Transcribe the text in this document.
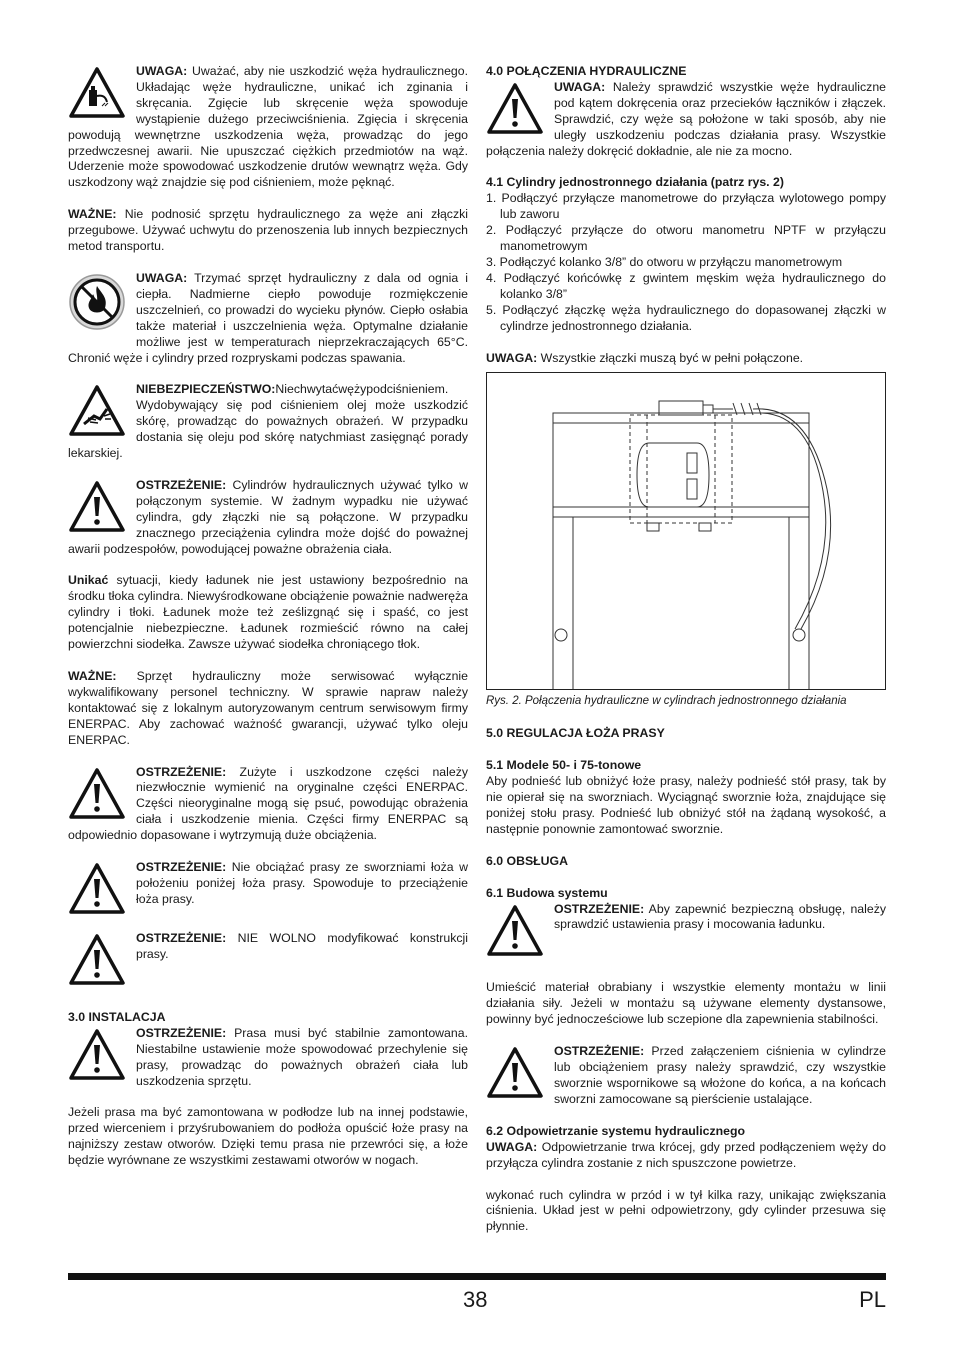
UWAGA: Uważać, aby nie uszkodzić węża hydraulicznego. Układając węże hydrauliczne, unikać ich zginania i skręcania. Zgięcie lub skręcenie węża spowoduje wystąpienie dużego przeciwciśnienia. Zgięcia i skręcenia powodują wewnętrzne uszkodzenia węża, prowadząc do jego przedwczesnej awarii. Nie upuszczać ciężkich przedmiotów na wąż. Uderzenie może spowodować uszkodzenie drutów wewnątrz węża. Gdy uszkodzony wąż znajdzie się pod ciśnieniem, może pęknąć.

WAŻNE: Nie podnosić sprzętu hydraulicznego za węże ani złączki przegubowe. Używać uchwytu do przenoszenia lub innych bezpiecznych metod transportu.

UWAGA: Trzymać sprzęt hydrauliczny z dala od ognia i ciepła. Nadmierne ciepło powoduje rozmiękczenie uszczelnień, co prowadzi do wycieku płynów. Ciepło osłabia także materiał i uszczelnienia węża. Optymalne działanie możliwe jest w temperaturach nieprzekraczających 65°C. Chronić węże i cylindry przed rozpryskami podczas spawania.

NIEBEZPIECZEŃSTWO:Niechwytaćwężypodciśnieniem. Wydobywający się pod ciśnieniem olej może uszkodzić skórę, prowadząc do poważnych obrażeń. W przypadku dostania się oleju pod skórę natychmiast zasięgnąć porady lekarskiej.

OSTRZEŻENIE: Cylindrów hydraulicznych używać tylko w połączonym systemie. W żadnym wypadku nie używać cylindra, gdy złączki nie są połączone. W przypadku znacznego przeciążenia cylindra może dojść do poważnej awarii podzespołów, powodującej poważne obrażenia ciała.

Unikać sytuacji, kiedy ładunek nie jest ustawiony bezpośrednio na środku tłoka cylindra. Niewyśrodkowane obciążenie poważnie nadweręża cylindry i tłoki. Ładunek może też ześlizgnąć się i spaść, co jest potencjalnie niebezpieczne. Ładunek rozmieścić równo na całej powierzchni siodełka. Zawsze używać siodełka chroniącego tłok.

WAŻNE: Sprzęt hydrauliczny może serwisować wyłącznie wykwalifikowany personel techniczny. W sprawie napraw należy kontaktować się z lokalnym autoryzowanym centrum serwisowym firmy ENERPAC. Aby zachować ważność gwarancji, używać tylko oleju ENERPAC.

OSTRZEŻENIE: Zużyte i uszkodzone części należy niezwłocznie wymienić na oryginalne części ENERPAC. Części nieoryginalne mogą się psuć, powodując obrażenia ciała i uszkodzenie mienia. Części firmy ENERPAC są odpowiednio dopasowane i wytrzymują duże obciążenia.

OSTRZEŻENIE: Nie obciążać prasy ze sworzniami łoża w położeniu poniżej łoża prasy. Spowoduje to przeciążenie łoża prasy.

OSTRZEŻENIE: NIE WOLNO modyfikować konstrukcji prasy.

3.0 INSTALACJA

OSTRZEŻENIE: Prasa musi być stabilnie zamontowana. Niestabilne ustawienie może spowodować przechylenie się prasy, prowadząc do poważnych obrażeń ciała lub uszkodzenia sprzętu.

Jeżeli prasa ma być zamontowana w podłodze lub na innej podstawie, przed wierceniem i przyśrubowaniem do podłoża opuścić łoże prasy na najniższy zestaw otworów. Dzięki temu prasa nie przewróci się, a łoże będzie wyrównane ze wszystkimi zestawami otworów w nogach.

4.0 POŁĄCZENIA HYDRAULICZNE

UWAGA: Należy sprawdzić wszystkie węże hydrauliczne pod kątem dokręcenia oraz przecieków łączników i złączek. Sprawdzić, czy węże są położone w taki sposób, aby nie uległy uszkodzeniu podczas działania prasy. Wszystkie połączenia należy dokręcić dokładnie, ale nie za mocno.

4.1 Cylindry jednostronnego działania (patrz rys. 2)

1. Podłączyć przyłącze manometrowe do przyłącza wylotowego pompy lub zaworu
2. Podłączyć przyłącze do otworu manometru NPTF w przyłączu manometrowym
3. Podłączyć kolanko 3/8” do otworu w przyłączu manometrowym
4. Podłączyć końcówkę z gwintem męskim węża hydraulicznego do kolanko 3/8”
5. Podłączyć złączkę węża hydraulicznego do dopasowanej złączki w cylindrze jednostronnego działania.

UWAGA: Wszystkie złączki muszą być w pełni połączone.

Rys. 2. Połączenia hydrauliczne w cylindrach jednostronnego działania

5.0 REGULACJA ŁOŻA PRASY

5.1 Modele 50- i 75-tonowe

Aby podnieść lub obniżyć łoże prasy, należy podnieść stół prasy, tak by nie opierał się na sworzniach. Wyciągnąć sworznie łoża, znajdujące się poniżej stołu prasy. Podnieść lub obniżyć stół na żądaną wysokość, a następnie ponownie zamontować sworznie.

6.0 OBSŁUGA

6.1 Budowa systemu

OSTRZEŻENIE: Aby zapewnić bezpieczną obsługę, należy sprawdzić ustawienia prasy i mocowania ładunku.

Umieścić materiał obrabiany i wszystkie elementy montażu w linii działania siły. Jeżeli w montażu są używane elementy dystansowe, powinny być jednocześciowe lub sczepione dla zapewnienia stabilności.

OSTRZEŻENIE: Przed załączeniem ciśnienia w cylindrze lub obciążeniem prasy należy sprawdzić, czy wszystkie sworznie wspornikowe są włożone do końca, a na końcach sworzni zamocowane są pierścienie ustalające.

6.2 Odpowietrzanie systemu hydraulicznego

UWAGA: Odpowietrzanie trwa krócej, gdy przed podłączeniem węży do przyłącza cylindra zostanie z nich spuszczone powietrze.

wykonać ruch cylindra w przód i w tył kilka razy, unikając zwiększania ciśnienia. Układ jest w pełni odpowietrzony, gdy cylinder przesuwa się płynnie.

38	PL
